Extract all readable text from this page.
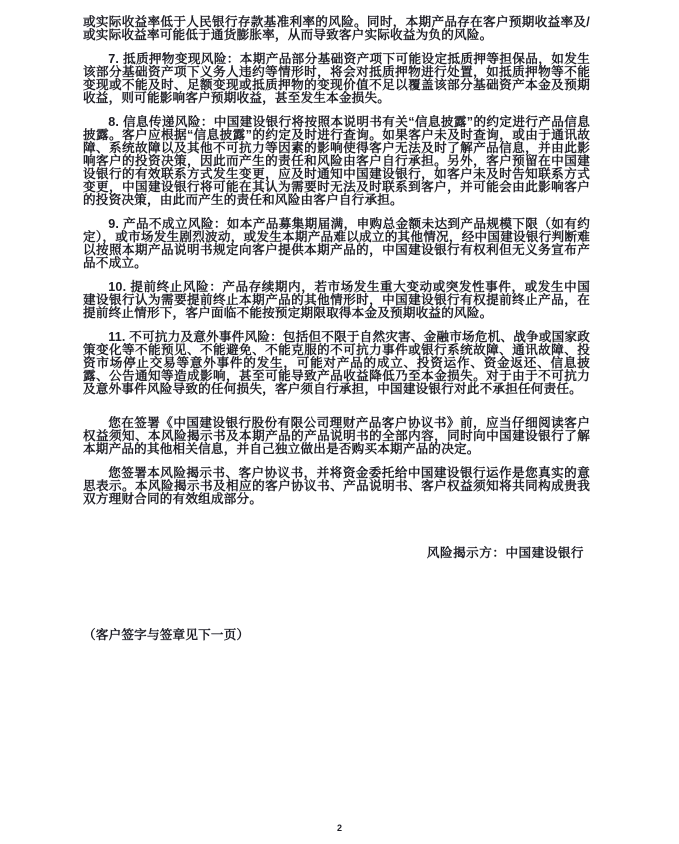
或实际收益率低于人民银行存款基准利率的风险。同时，本期产品存在客户预期收益率及/或实际收益率可能低于通货膨胀率，从而导致客户实际收益为负的风险。

7. 抵质押物变现风险：本期产品部分基础资产项下可能设定抵质押等担保品，如发生该部分基础资产项下义务人违约等情形时，将会对抵质押物进行处置，如抵质押物等不能变现或不能及时、足额变现或抵质押物的变现价值不足以覆盖该部分基础资产本金及预期收益，则可能影响客户预期收益，甚至发生本金损失。

8. 信息传递风险：中国建设银行将按照本说明书有关“信息披露”的约定进行产品信息披露。客户应根据“信息披露”的约定及时进行查询。如果客户未及时查询，或由于通讯故障、系统故障以及其他不可抗力等因素的影响使得客户无法及时了解产品信息，并由此影响客户的投资决策，因此而产生的责任和风险由客户自行承担。另外，客户预留在中国建设银行的有效联系方式发生变更，应及时通知中国建设银行，如客户未及时告知联系方式变更，中国建设银行将可能在其认为需要时无法及时联系到客户，并可能会由此影响客户的投资决策，由此而产生的责任和风险由客户自行承担。

9. 产品不成立风险：如本产品募集期届满，申购总金额未达到产品规模下限（如有约定），或市场发生剧烈波动，或发生本期产品难以成立的其他情况，经中国建设银行判断难以按照本期产品说明书规定向客户提供本期产品的，中国建设银行有权利但无义务宣布产品不成立。

10. 提前终止风险：产品存续期内，若市场发生重大变动或突发性事件，或发生中国建设银行认为需要提前终止本期产品的其他情形时，中国建设银行有权提前终止产品，在提前终止情形下，客户面临不能按预定期限取得本金及预期收益的风险。

11. 不可抗力及意外事件风险：包括但不限于自然灾害、金融市场危机、战争或国家政策变化等不能预见、不能避免、不能克服的不可抗力事件或银行系统故障、通讯故障、投资市场停止交易等意外事件的发生，可能对产品的成立、投资运作、资金返还、信息披露、公告通知等造成影响，甚至可能导致产品收益降低乃至本金损失。对于由于不可抗力及意外事件风险导致的任何损失，客户须自行承担，中国建设银行对此不承担任何责任。

您在签署《中国建设银行股份有限公司理财产品客户协议书》前，应当仔细阅读客户权益须知、本风险揭示书及本期产品的产品说明书的全部内容，同时向中国建设银行了解本期产品的其他相关信息，并自己独立做出是否购买本期产品的决定。

您签署本风险揭示书、客户协议书，并将资金委托给中国建设银行运作是您真实的意思表示。本风险揭示书及相应的客户协议书、产品说明书、客户权益须知将共同构成贵我双方理财合同的有效组成部分。

风险揭示方：中国建设银行

（客户签字与签章见下一页）

2
